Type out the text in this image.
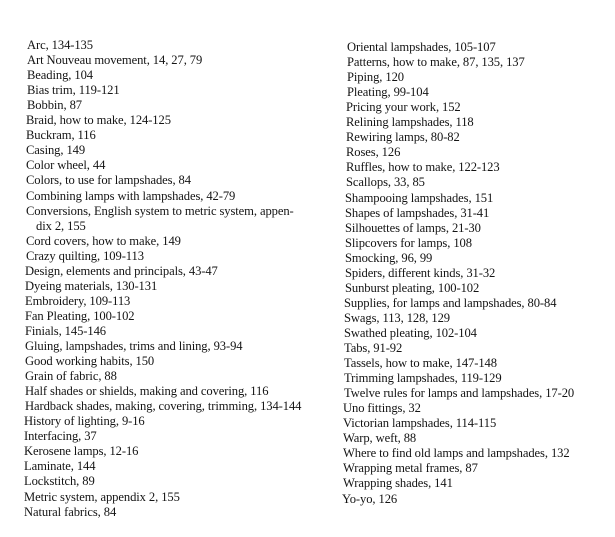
Arc, 134-135
Art Nouveau movement, 14, 27, 79
Beading, 104
Bias trim, 119-121
Bobbin, 87
Braid, how to make, 124-125
Buckram, 116
Casing, 149
Color wheel, 44
Colors, to use for lampshades, 84
Combining lamps with lampshades, 42-79
Conversions, English system to metric system, appen-
dix 2, 155
Cord covers, how to make, 149
Crazy quilting, 109-113
Design, elements and principals, 43-47
Dyeing materials, 130-131
Embroidery, 109-113
Fan Pleating, 100-102
Finials, 145-146
Gluing, lampshades, trims and lining, 93-94
Good working habits, 150
Grain of fabric, 88
Half shades or shields, making and covering, 116
Hardback shades, making, covering, trimming, 134-144
History of lighting, 9-16
Interfacing, 37
Kerosene lamps, 12-16
Laminate, 144
Lockstitch, 89
Metric system, appendix 2, 155
Natural fabrics, 84
Oriental lampshades, 105-107
Patterns, how to make, 87, 135, 137
Piping, 120
Pleating, 99-104
Pricing your work, 152
Relining lampshades, 118
Rewiring lamps, 80-82
Roses, 126
Ruffles, how to make, 122-123
Scallops, 33, 85
Shampooing lampshades, 151
Shapes of lampshades, 31-41
Silhouettes of lamps, 21-30
Slipcovers for lamps, 108
Smocking, 96, 99
Spiders, different kinds, 31-32
Sunburst pleating, 100-102
Supplies, for lamps and lampshades, 80-84
Swags, 113, 128, 129
Swathed pleating, 102-104
Tabs, 91-92
Tassels, how to make, 147-148
Trimming lampshades, 119-129
Twelve rules for lamps and lampshades, 17-20
Uno fittings, 32
Victorian lampshades, 114-115
Warp, weft, 88
Where to find old lamps and lampshades, 132
Wrapping metal frames, 87
Wrapping shades, 141
Yo-yo, 126
